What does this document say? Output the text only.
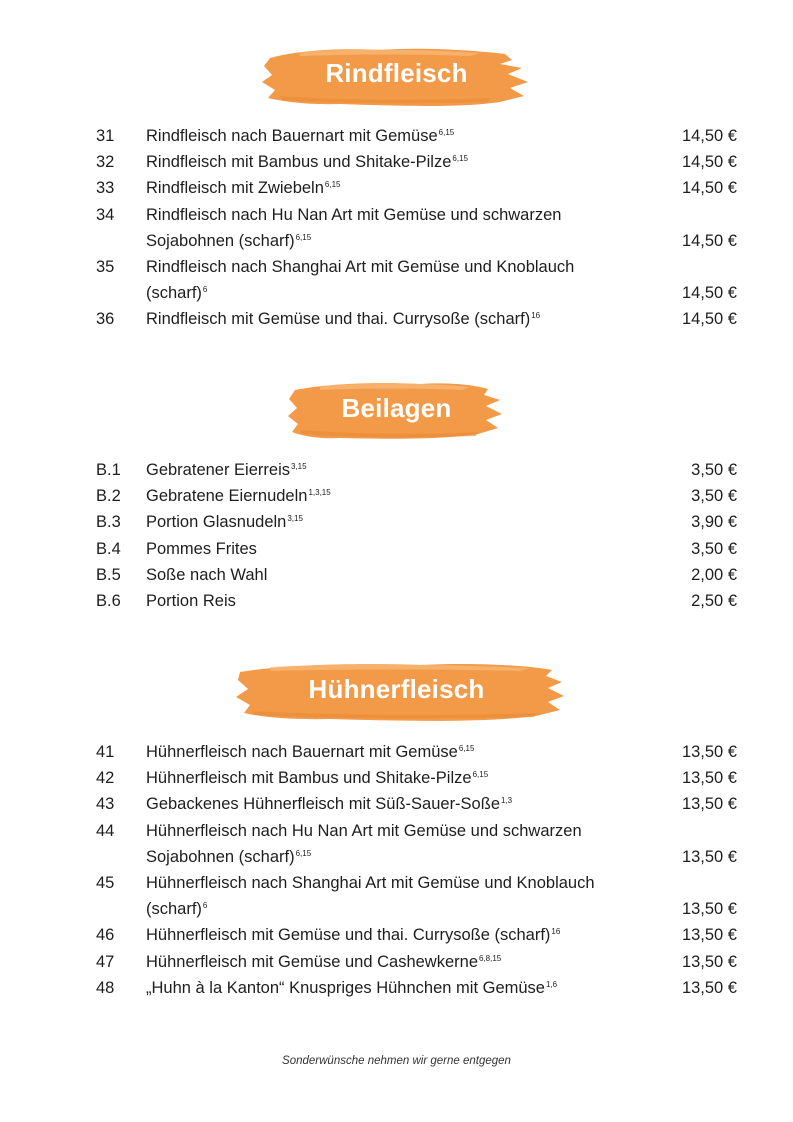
Rindfleisch
31 Rindfleisch nach Bauernart mit Gemüse$^{6,15}$	14,50 €
32 Rindfleisch mit Bambus und Shitake-Pilze$^{6,15}$	14,50 €
33 Rindfleisch mit Zwiebeln$^{6,15}$	14,50 €
34 Rindfleisch nach Hu Nan Art mit Gemüse und schwarzen
Sojabohnen (scharf)$^{6,15}$	14,50 €
35 Rindfleisch nach Shanghai Art mit Gemüse und Knoblauch
(scharf)$^6$	14,50 €
36 Rindfleisch mit Gemüse und thai. Currysoße (scharf)$^{16}$	14,50 €
Beilagen
B.1 Gebratener Eierreis$^{3,15}$	3,50 €
B.2 Gebratene Eiernudeln$^{1,3,15}$	3,50 €
B.3 Portion Glasnudeln$^{3,15}$	3,90 €
B.4 Pommes Frites	3,50 €
B.5 Soße nach Wahl	2,00 €
B.6 Portion Reis	2,50 €
Hühnerfleisch
41 Hühnerfleisch nach Bauernart mit Gemüse$^{6,15}$	13,50 €
42 Hühnerfleisch mit Bambus und Shitake-Pilze$^{6,15}$	13,50 €
43 Gebackenes Hühnerfleisch mit Süß-Sauer-Soße$^{1,3}$	13,50 €
44 Hühnerfleisch nach Hu Nan Art mit Gemüse und schwarzen
Sojabohnen (scharf)$^{6,15}$	13,50 €
45 Hühnerfleisch nach Shanghai Art mit Gemüse und Knoblauch
(scharf)$^6$	13,50 €
46 Hühnerfleisch mit Gemüse und thai. Currysoße (scharf)$^{16}$	13,50 €
47 Hühnerfleisch mit Gemüse und Cashewkerne$^{6,8,15}$	13,50 €
48 „Huhn à la Kanton“ Knuspriges Hühnchen mit Gemüse$^{1,6}$	13,50 €
Sonderwünsche nehmen wir gerne entgegen
